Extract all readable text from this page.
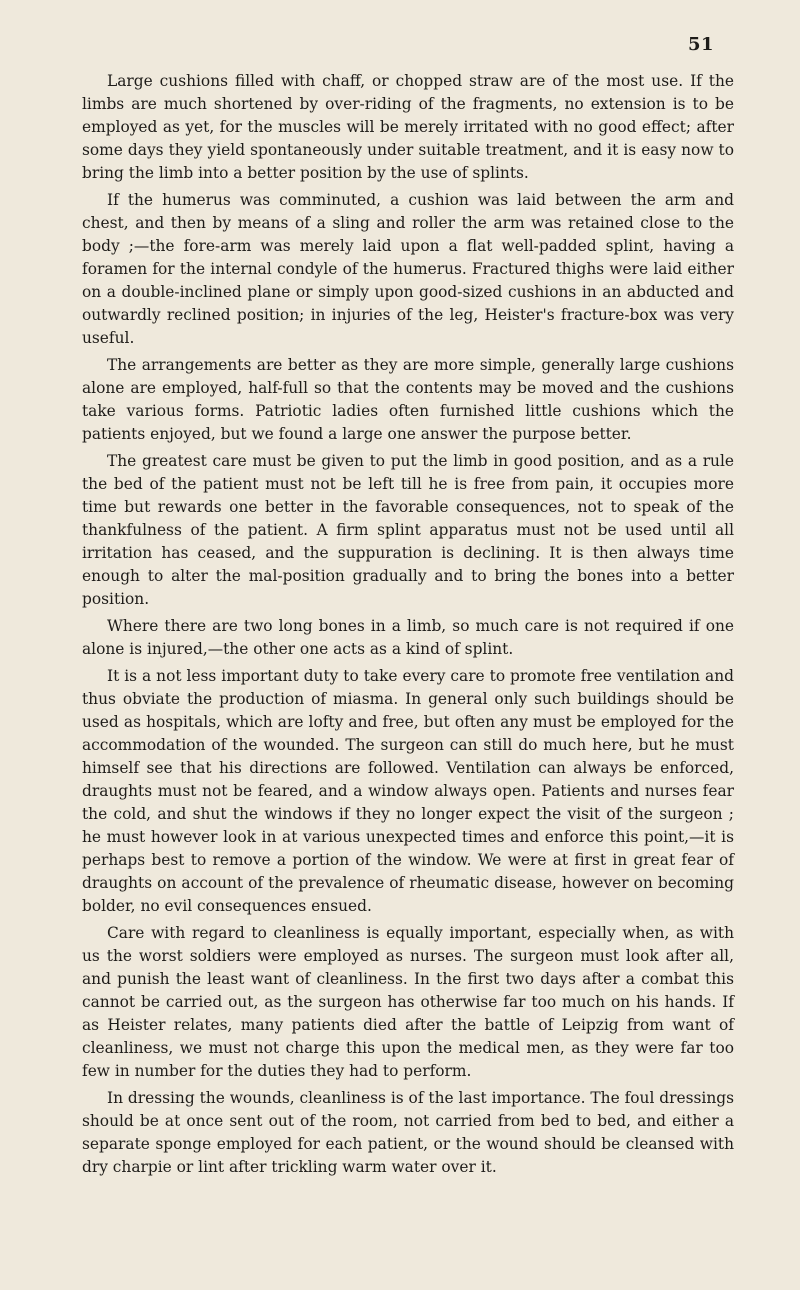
51

Large cushions filled with chaff, or chopped straw are of the most use. If the limbs are much shortened by over-riding of the fragments, no extension is to be employed as yet, for the muscles will be merely irritated with no good effect; after some days they yield spontaneously under suitable treatment, and it is easy now to bring the limb into a better position by the use of splints.

If the humerus was comminuted, a cushion was laid between the arm and chest, and then by means of a sling and roller the arm was retained close to the body ;—the fore-arm was merely laid upon a flat well-padded splint, having a foramen for the internal condyle of the humerus. Fractured thighs were laid either on a double-inclined plane or simply upon good-sized cushions in an abducted and outwardly reclined position; in injuries of the leg, Heister's fracture-box was very useful.

The arrangements are better as they are more simple, generally large cushions alone are employed, half-full so that the contents may be moved and the cushions take various forms. Patriotic ladies often furnished little cushions which the patients enjoyed, but we found a large one answer the purpose better.

The greatest care must be given to put the limb in good position, and as a rule the bed of the patient must not be left till he is free from pain, it occupies more time but rewards one better in the favorable consequences, not to speak of the thankfulness of the patient. A firm splint apparatus must not be used until all irritation has ceased, and the suppuration is declining. It is then always time enough to alter the mal-position gradually and to bring the bones into a better position.

Where there are two long bones in a limb, so much care is not required if one alone is injured,—the other one acts as a kind of splint.

It is a not less important duty to take every care to promote free ventilation and thus obviate the production of miasma. In general only such buildings should be used as hospitals, which are lofty and free, but often any must be employed for the accommodation of the wounded. The surgeon can still do much here, but he must himself see that his directions are followed. Ventilation can always be enforced, draughts must not be feared, and a window always open. Patients and nurses fear the cold, and shut the windows if they no longer expect the visit of the surgeon ; he must however look in at various unexpected times and enforce this point,—it is perhaps best to remove a portion of the window. We were at first in great fear of draughts on account of the prevalence of rheumatic disease, however on becoming bolder, no evil consequences ensued.

Care with regard to cleanliness is equally important, especially when, as with us the worst soldiers were employed as nurses. The surgeon must look after all, and punish the least want of cleanliness. In the first two days after a combat this cannot be carried out, as the surgeon has otherwise far too much on his hands. If as Heister relates, many patients died after the battle of Leipzig from want of cleanliness, we must not charge this upon the medical men, as they were far too few in number for the duties they had to perform.

In dressing the wounds, cleanliness is of the last importance. The foul dressings should be at once sent out of the room, not carried from bed to bed, and either a separate sponge employed for each patient, or the wound should be cleansed with dry charpie or lint after trickling warm water over it.
